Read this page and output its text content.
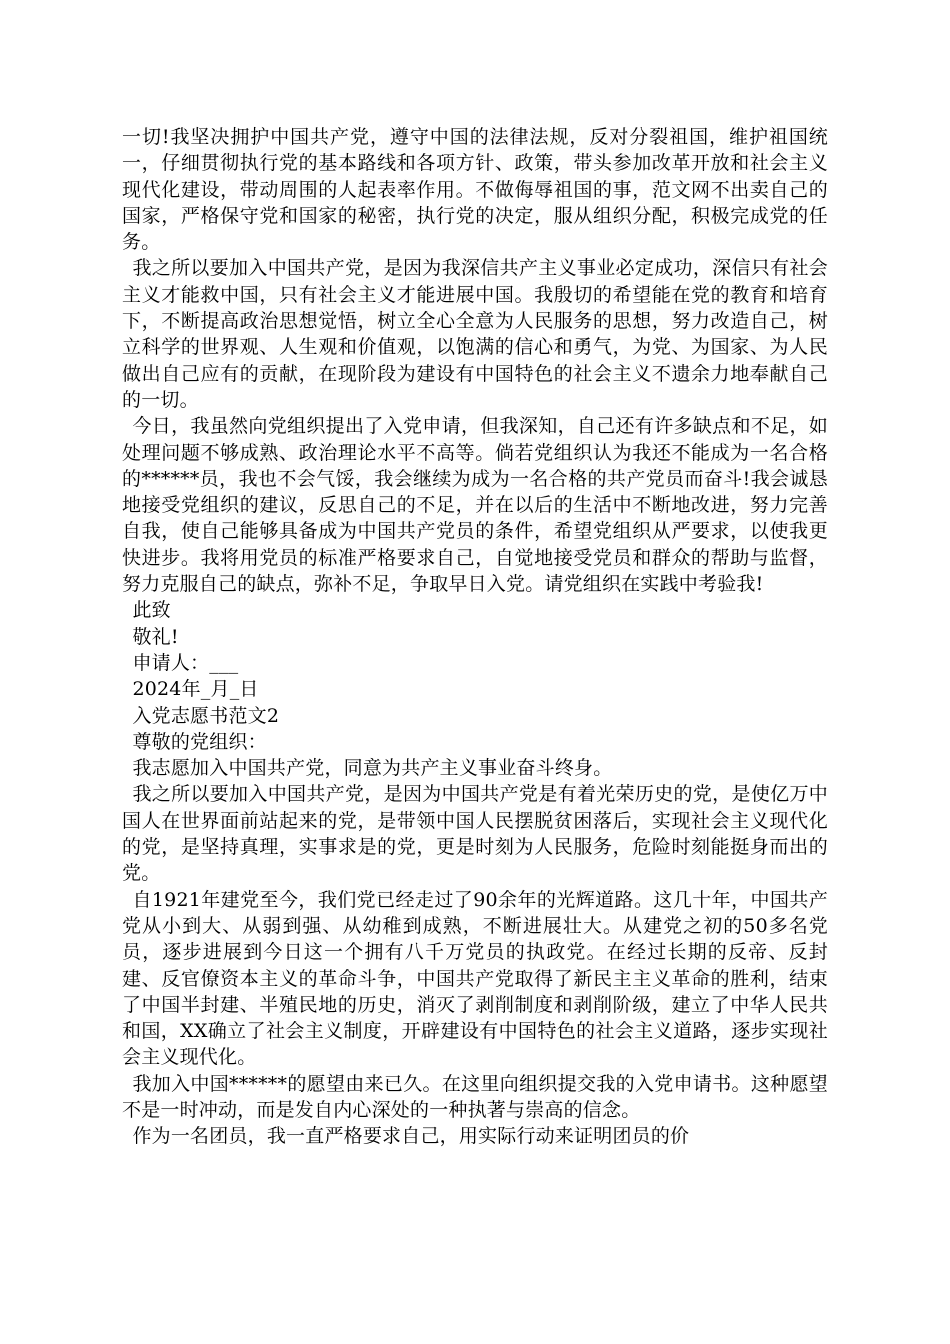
一切!我坚决拥护中国共产党，遵守中国的法律法规，反对分裂祖国，维护祖国统一，仔细贯彻执行党的基本路线和各项方针、政策，带头参加改革开放和社会主义现代化建设，带动周围的人起表率作用。不做侮辱祖国的事，范文网不出卖自己的国家，严格保守党和国家的秘密，执行党的决定，服从组织分配，积极完成党的任务。

我之所以要加入中国共产党，是因为我深信共产主义事业必定成功，深信只有社会主义才能救中国，只有社会主义才能进展中国。我殷切的希望能在党的教育和培育下，不断提高政治思想觉悟，树立全心全意为人民服务的思想，努力改造自己，树立科学的世界观、人生观和价值观，以饱满的信心和勇气，为党、为国家、为人民做出自己应有的贡献，在现阶段为建设有中国特色的社会主义不遗余力地奉献自己的一切。

今日，我虽然向党组织提出了入党申请，但我深知，自己还有许多缺点和不足，如处理问题不够成熟、政治理论水平不高等。倘若党组织认为我还不能成为一名合格的******员，我也不会气馁，我会继续为成为一名合格的共产党员而奋斗!我会诚恳地接受党组织的建议，反思自己的不足，并在以后的生活中不断地改进，努力完善自我，使自己能够具备成为中国共产党员的条件，希望党组织从严要求，以使我更快进步。我将用党员的标准严格要求自己，自觉地接受党员和群众的帮助与监督，努力克服自己的缺点，弥补不足，争取早日入党。请党组织在实践中考验我!

此致

敬礼!

申请人：___

2024年_月_日

入党志愿书范文2

尊敬的党组织：

我志愿加入中国共产党，同意为共产主义事业奋斗终身。

我之所以要加入中国共产党，是因为中国共产党是有着光荣历史的党，是使亿万中国人在世界面前站起来的党，是带领中国人民摆脱贫困落后，实现社会主义现代化的党，是坚持真理，实事求是的党，更是时刻为人民服务，危险时刻能挺身而出的党。

自1921年建党至今，我们党已经走过了90余年的光辉道路。这几十年，中国共产党从小到大、从弱到强、从幼稚到成熟，不断进展壮大。从建党之初的50多名党员，逐步进展到今日这一个拥有八千万党员的执政党。在经过长期的反帝、反封建、反官僚资本主义的革命斗争，中国共产党取得了新民主主义革命的胜利，结束了中国半封建、半殖民地的历史，消灭了剥削制度和剥削阶级，建立了中华人民共和国，XX确立了社会主义制度，开辟建设有中国特色的社会主义道路，逐步实现社会主义现代化。

我加入中国******的愿望由来已久。在这里向组织提交我的入党申请书。这种愿望不是一时冲动，而是发自内心深处的一种执著与崇高的信念。

作为一名团员，我一直严格要求自己，用实际行动来证明团员的价
